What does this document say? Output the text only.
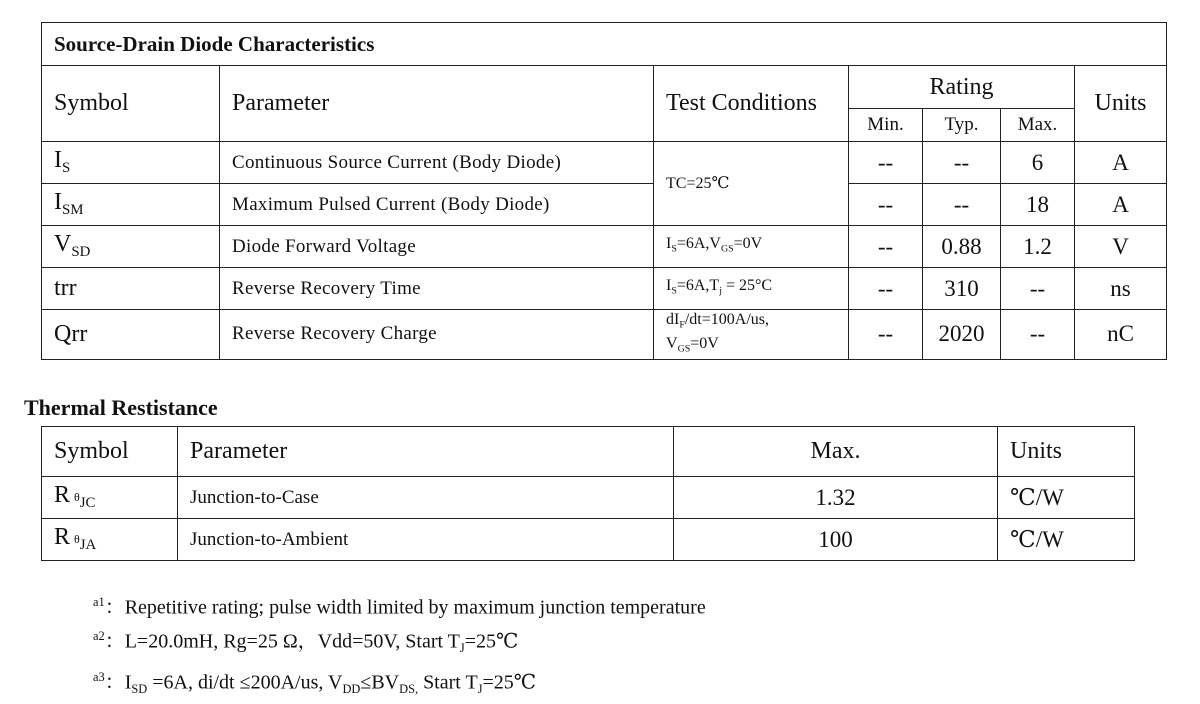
Source-Drain Diode Characteristics						
Symbol	Parameter	Test Conditions	Rating			Units
			Min.	Typ.	Max.	
$I_S$	Continuous Source Current (Body Diode)	TC=25℃	--	--	6	A
$I_{SM}$	Maximum Pulsed Current (Body Diode)		--	--	18	A
$V_{SD}$	Diode Forward Voltage	$I_S=6A,V_{GS}=0V$	--	0.88	1.2	V
trr	Reverse Recovery Time	$I_S=6A,T_j = 25^\circ C$	--	310	--	ns
Qrr	Reverse Recovery Charge	$dI_F/dt=100A/us$,
$V_{GS}=0V$	--	2020	--	nC
Thermal Restistance
Symbol	Parameter	Max.	Units
R $\theta_{JC}$	Junction-to-Case	1.32	℃/W
R $\theta_{JA}$	Junction-to-Ambient	100	℃/W
$^{a1}$：Repetitive rating; pulse width limited by maximum junction temperature
$^{a2}$：L=20.0mH, Rg=25 Ω，Vdd=50V, Start $T_J=25℃$
$^{a3}$：$I_{SD} =6A$, di/dt ≤200A/us, $V_{DD}\le BV_{DS,}$ Start $T_J=25℃$
